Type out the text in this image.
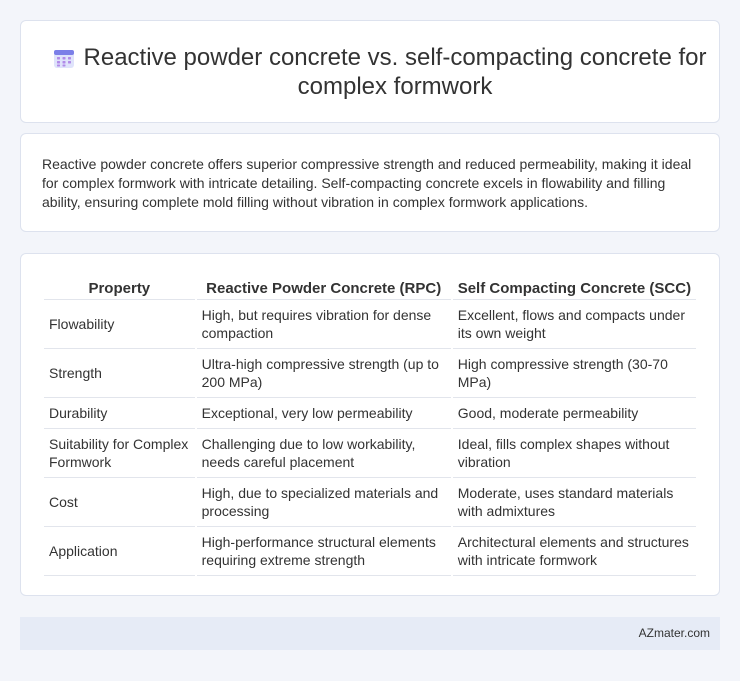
Reactive powder concrete vs. self-compacting concrete for complex formwork

Reactive powder concrete offers superior compressive strength and reduced permeability, making it ideal for complex formwork with intricate detailing. Self-compacting concrete excels in flowability and filling ability, ensuring complete mold filling without vibration in complex formwork applications.

Property	Reactive Powder Concrete (RPC)	Self Compacting Concrete (SCC)
Flowability	High, but requires vibration for dense compaction	Excellent, flows and compacts under its own weight
Strength	Ultra-high compressive strength (up to 200 MPa)	High compressive strength (30-70 MPa)
Durability	Exceptional, very low permeability	Good, moderate permeability
Suitability for Complex Formwork	Challenging due to low workability, needs careful placement	Ideal, fills complex shapes without vibration
Cost	High, due to specialized materials and processing	Moderate, uses standard materials with admixtures
Application	High-performance structural elements requiring extreme strength	Architectural elements and structures with intricate formwork
AZmater.com
